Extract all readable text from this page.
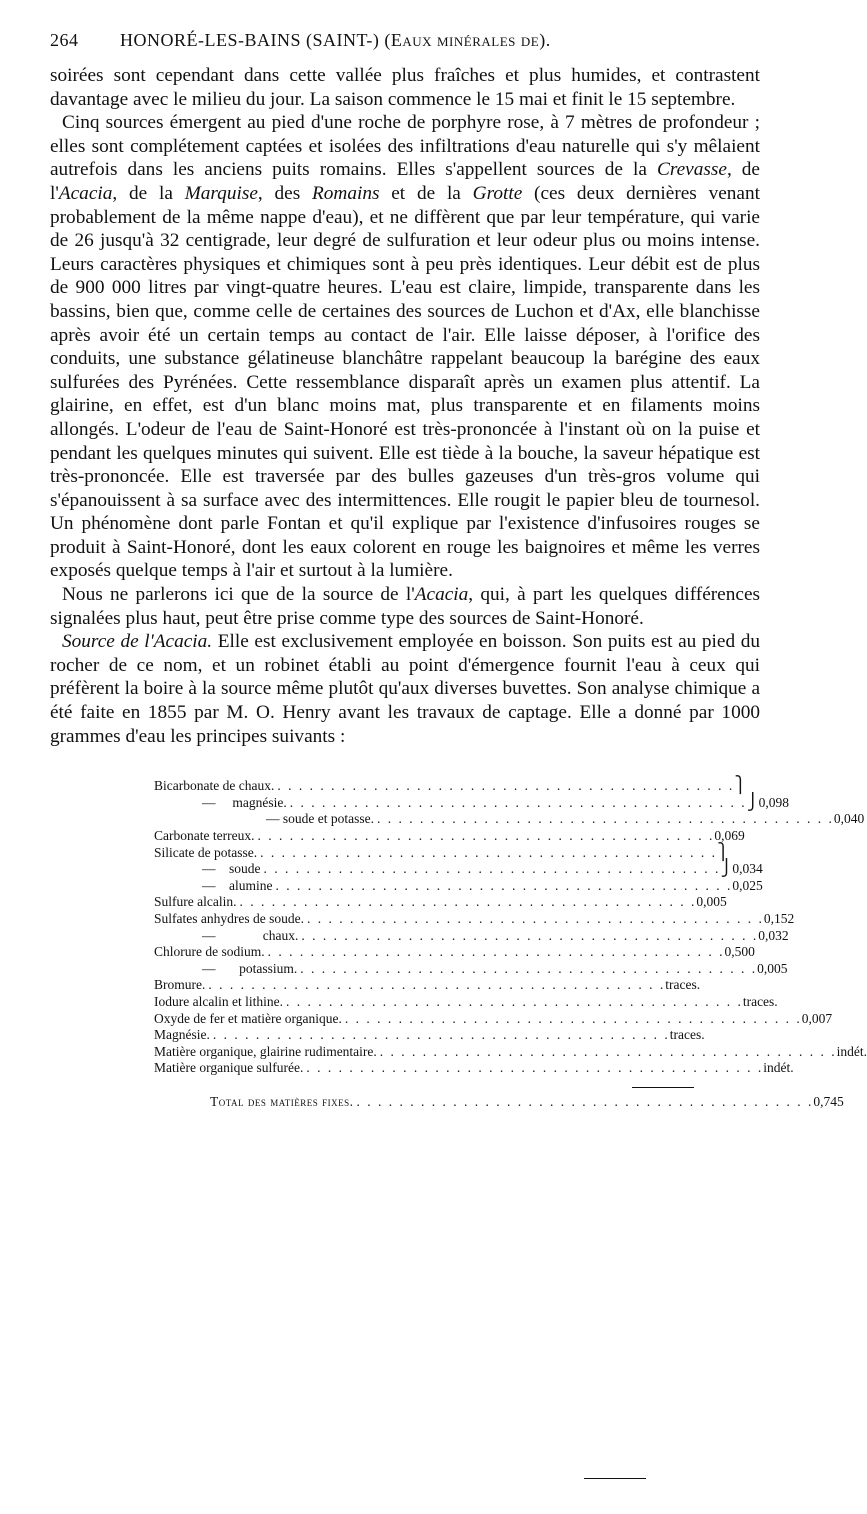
264	HONORÉ-LES-BAINS (SAINT-) (Eaux minérales de).

soirées sont cependant dans cette vallée plus fraîches et plus humides, et contrastent davantage avec le milieu du jour. La saison commence le 15 mai et finit le 15 septembre.

Cinq sources émergent au pied d'une roche de porphyre rose, à 7 mètres de profondeur ; elles sont complétement captées et isolées des infiltrations d'eau naturelle qui s'y mêlaient autrefois dans les anciens puits romains. Elles s'appellent sources de la Crevasse, de l'Acacia, de la Marquise, des Romains et de la Grotte (ces deux dernières venant probablement de la même nappe d'eau), et ne diffèrent que par leur température, qui varie de 26 jusqu'à 32 centigrade, leur degré de sulfuration et leur odeur plus ou moins intense. Leurs caractères physiques et chimiques sont à peu près identiques. Leur débit est de plus de 900 000 litres par vingt-quatre heures. L'eau est claire, limpide, transparente dans les bassins, bien que, comme celle de certaines des sources de Luchon et d'Ax, elle blanchisse après avoir été un certain temps au contact de l'air. Elle laisse déposer, à l'orifice des conduits, une substance gélatineuse blanchâtre rappelant beaucoup la barégine des eaux sulfurées des Pyrénées. Cette ressemblance disparaît après un examen plus attentif. La glairine, en effet, est d'un blanc moins mat, plus transparente et en filaments moins allongés. L'odeur de l'eau de Saint-Honoré est très-prononcée à l'instant où on la puise et pendant les quelques minutes qui suivent. Elle est tiède à la bouche, la saveur hépatique est très-prononcée. Elle est traversée par des bulles gazeuses d'un très-gros volume qui s'épanouissent à sa surface avec des intermittences. Elle rougit le papier bleu de tournesol. Un phénomène dont parle Fontan et qu'il explique par l'existence d'infusoires rouges se produit à Saint-Honoré, dont les eaux colorent en rouge les baignoires et même les verres exposés quelque temps à l'air et surtout à la lumière.

Nous ne parlerons ici que de la source de l'Acacia, qui, à part les quelques différences signalées plus haut, peut être prise comme type des sources de Saint-Honoré.

Source de l'Acacia. Elle est exclusivement employée en boisson. Son puits est au pied du rocher de ce nom, et un robinet établi au point d'émergence fournit l'eau à ceux qui préfèrent la boire à la source même plutôt qu'aux diverses buvettes. Son analyse chimique a été faite en 1855 par M. O. Henry avant les travaux de captage. Elle a donné par 1000 grammes d'eau les principes suivants :

Bicarbonate de chaux. . . . . . . . . . . . . . . . . . . . . . . . . . . . . . . . . . . . . . . . . . . . ⎫
— magnésie. . . . . . . . . . . . . . . . . . . . . . . . . . . . . . . . . . . . . . . . . . . . ⎭ 0,098
— soude et potasse. . . . . . . . . . . . . . . . . . . . . . . . . . . . . . . . . . . . . . . . . . . . 0,040
Carbonate terreux. . . . . . . . . . . . . . . . . . . . . . . . . . . . . . . . . . . . . . . . . . . . 0,069
Silicate de potasse. . . . . . . . . . . . . . . . . . . . . . . . . . . . . . . . . . . . . . . . . . . . ⎫
— soude . . . . . . . . . . . . . . . . . . . . . . . . . . . . . . . . . . . . . . . . . . . ⎭ 0,034
— alumine . . . . . . . . . . . . . . . . . . . . . . . . . . . . . . . . . . . . . . . . . . . 0,025
Sulfure alcalin. . . . . . . . . . . . . . . . . . . . . . . . . . . . . . . . . . . . . . . . . . . . 0,005
Sulfates anhydres de soude. . . . . . . . . . . . . . . . . . . . . . . . . . . . . . . . . . . . . . . . . . . . 0,152
—	chaux. . . . . . . . . . . . . . . . . . . . . . . . . . . . . . . . . . . . . . . . . . . . 0,032
Chlorure de sodium. . . . . . . . . . . . . . . . . . . . . . . . . . . . . . . . . . . . . . . . . . . . 0,500
— potassium. . . . . . . . . . . . . . . . . . . . . . . . . . . . . . . . . . . . . . . . . . . . 0,005
Bromure. . . . . . . . . . . . . . . . . . . . . . . . . . . . . . . . . . . . . . . . . . . . traces.
Iodure alcalin et lithine. . . . . . . . . . . . . . . . . . . . . . . . . . . . . . . . . . . . . . . . . . . . traces.
Oxyde de fer et matière organique. . . . . . . . . . . . . . . . . . . . . . . . . . . . . . . . . . . . . . . . . . . . 0,007
Magnésie. . . . . . . . . . . . . . . . . . . . . . . . . . . . . . . . . . . . . . . . . . . . traces.
Matière organique, glairine rudimentaire. . . . . . . . . . . . . . . . . . . . . . . . . . . . . . . . . . . . . . . . . . . . indét.
Matière organique sulfurée. . . . . . . . . . . . . . . . . . . . . . . . . . . . . . . . . . . . . . . . . . . . indét.
Total des matières fixes. . . . . . . . . . . . . . . . . . . . . . . . . . . . . . . . . . . . . . . . . . . . 0,745
